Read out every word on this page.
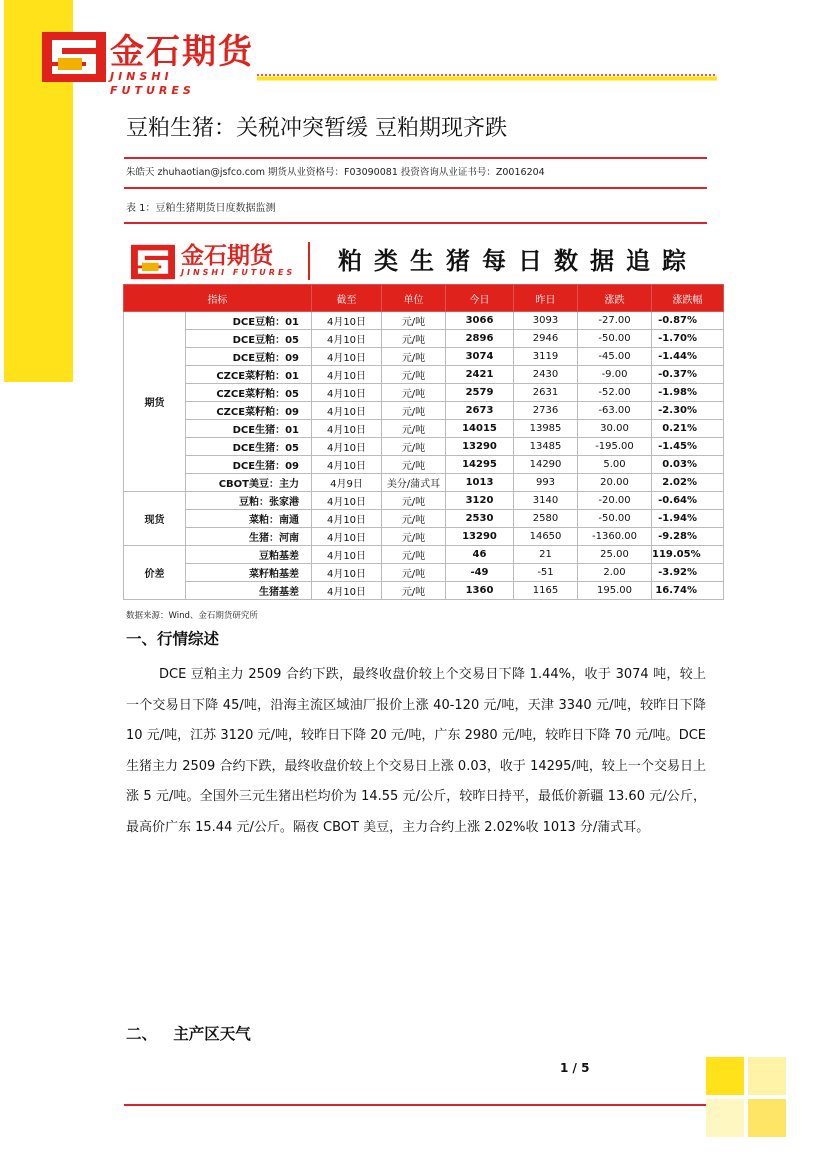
金石期货
JINSHI FUTURES
豆粕生猪：关税冲突暂缓 豆粕期现齐跌
朱皓天 zhuhaotian@jsfco.com 期货从业资格号：F03090081 投资咨询从业证书号：Z0016204
表 1：豆粕生猪期货日度数据监测
金石期货
JINSHI FUTURES	粕类生猪每日数据追踪
指标		截至	单位	今日	昨日	涨跌	涨跌幅
期货	DCE豆粕：01	4月10日	元/吨	3066	3093	-27.00	-0.87%
	DCE豆粕：05	4月10日	元/吨	2896	2946	-50.00	-1.70%
	DCE豆粕：09	4月10日	元/吨	3074	3119	-45.00	-1.44%
	CZCE菜籽粕：01	4月10日	元/吨	2421	2430	-9.00	-0.37%
	CZCE菜籽粕：05	4月10日	元/吨	2579	2631	-52.00	-1.98%
	CZCE菜籽粕：09	4月10日	元/吨	2673	2736	-63.00	-2.30%
	DCE生猪：01	4月10日	元/吨	14015	13985	30.00	0.21%
	DCE生猪：05	4月10日	元/吨	13290	13485	-195.00	-1.45%
	DCE生猪：09	4月10日	元/吨	14295	14290	5.00	0.03%
	CBOT美豆：主力	4月9日	美分/蒲式耳	1013	993	20.00	2.02%
现货	豆粕：张家港	4月10日	元/吨	3120	3140	-20.00	-0.64%
	菜粕：南通	4月10日	元/吨	2530	2580	-50.00	-1.94%
	生猪：河南	4月10日	元/吨	13290	14650	-1360.00	-9.28%
价差	豆粕基差	4月10日	元/吨	46	21	25.00	119.05%
	菜籽粕基差	4月10日	元/吨	-49	-51	2.00	-3.92%
	生猪基差	4月10日	元/吨	1360	1165	195.00	16.74%
数据来源：Wind、金石期货研究所
一、行情综述
DCE 豆粕主力 2509 合约下跌，最终收盘价较上个交易日下降 1.44%，收于 3074 吨，较上一个交易日下降 45/吨，沿海主流区域油厂报价上涨 40-120 元/吨，天津 3340 元/吨，较昨日下降 10 元/吨，江苏 3120 元/吨，较昨日下降 20 元/吨，广东 2980 元/吨，较昨日下降 70 元/吨。DCE 生猪主力 2509 合约下跌，最终收盘价较上个交易日上涨 0.03，收于 14295/吨，较上一个交易日上涨 5 元/吨。全国外三元生猪出栏均价为 14.55 元/公斤，较昨日持平，最低价新疆 13.60 元/公斤，最高价广东 15.44 元/公斤。隔夜 CBOT 美豆，主力合约上涨 2.02%收 1013 分/蒲式耳。
二、   主产区天气
1 / 5
